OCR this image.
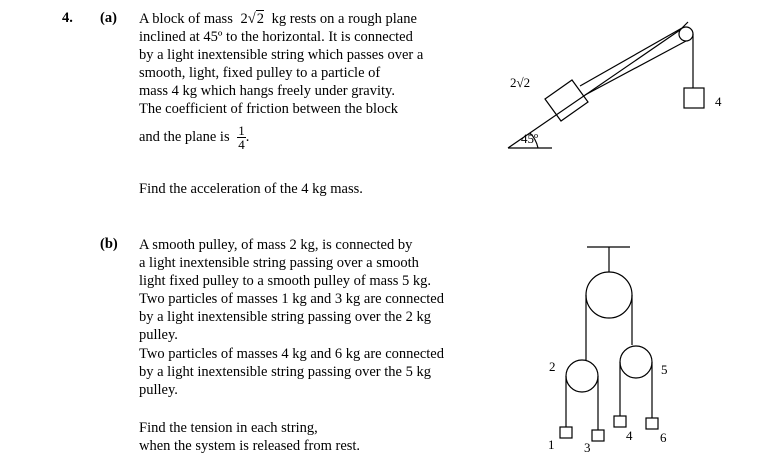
4. (a) A block of mass 2√2 kg rests on a rough plane
inclined at 45º to the horizontal. It is connected
by a light inextensible string which passes over a
smooth, light, fixed pulley to a particle of
mass 4 kg which hangs freely under gravity.
The coefficient of friction between the block
and the plane is $\frac{1}{4}$ .
Find the acceleration of the 4 kg mass.
(b) A smooth pulley, of mass 2 kg, is connected by
a light inextensible string passing over a smooth
light fixed pulley to a smooth pulley of mass 5 kg.
Two particles of masses 1 kg and 3 kg are connected
by a light inextensible string passing over the 2 kg
pulley.
Two particles of masses 4 kg and 6 kg are connected
by a light inextensible string passing over the 5 kg
pulley.
Find the tension in each string,
when the system is released from rest.
2√2
45º
4
2	5
1 3
4 6
